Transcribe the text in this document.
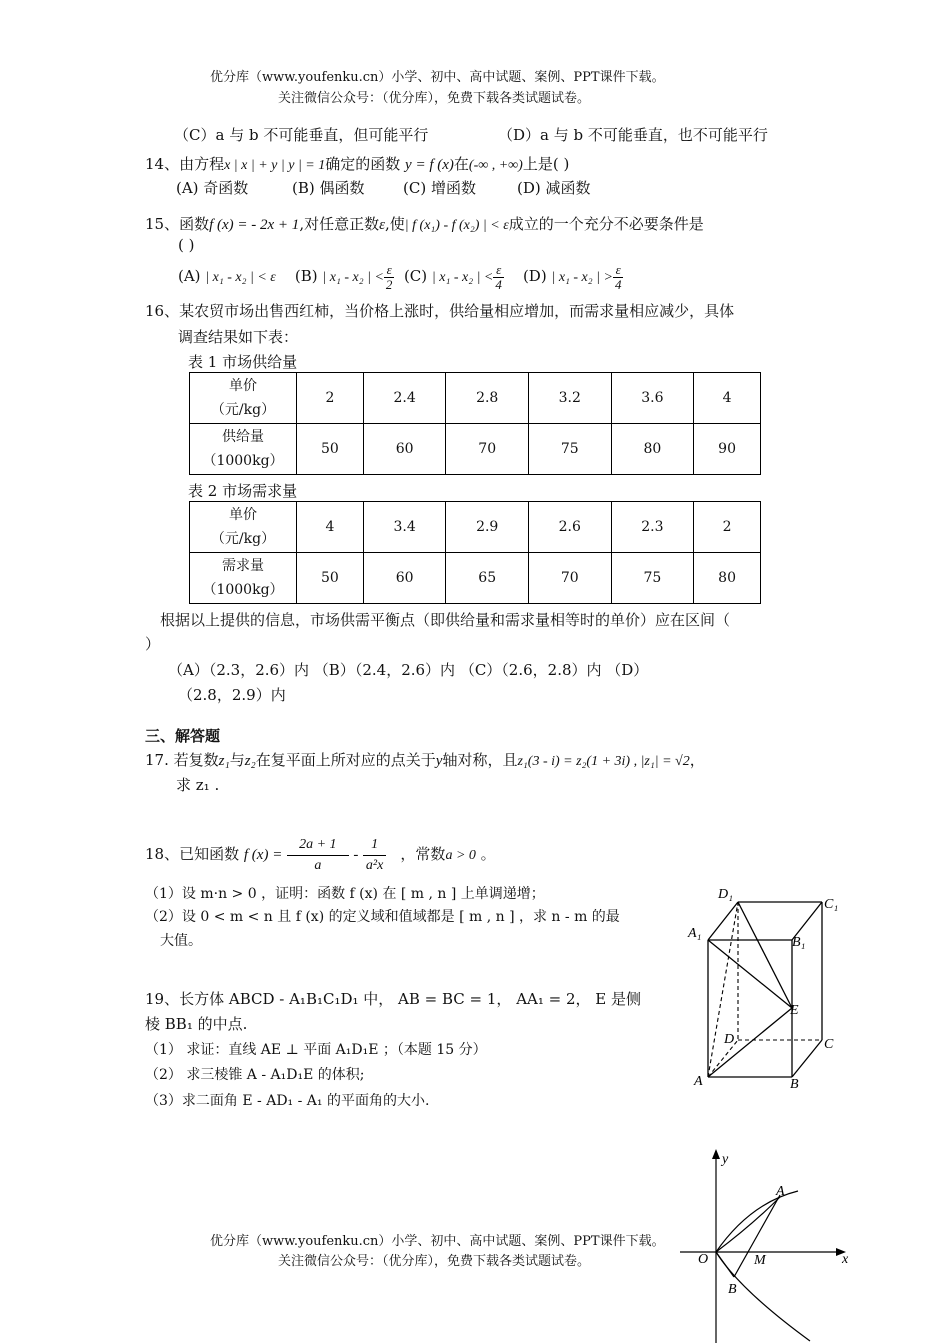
优分库（www.youfenku.cn）小学、初中、高中试题、案例、PPT课件下载。
关注微信公众号：（优分库），免费下载各类试题试卷。
（C）a 与 b 不可能垂直，但可能平行	（D）a 与 b 不可能垂直，也不可能平行
14、由方程x | x | + y | y | = 1确定的函数 y = f (x)在(-∞ , +∞)上是( )
(A) 奇函数	(B) 偶函数	(C) 增函数	(D) 减函数
15、函数f (x) = - 2x + 1,对任意正数ε,使| f (x₁) - f (x₂) | < ε成立的一个充分不必要条件是
( )
(A) | x₁ - x₂ | < ε (B) | x₁ - x₂ | < $\frac{\varepsilon}{2} (C)$ | x₁ - x₂ | < $\frac{\varepsilon}{4} (D)$ | x₁ - x₂ | > $\frac{\varepsilon}{4}$
16、某农贸市场出售西红柿，当价格上涨时，供给量相应增加，而需求量相应减少，具体
调查结果如下表：
表 1 市场供给量
单价
（元/kg）	2	2.4	2.8	3.2	3.6	4

供给量
（1000kg）	50	60	70	75	80	90
表 2 市场需求量
单价
（元/kg）	4	3.4	2.9	2.6	2.3	2

需求量
（1000kg）	50	60	65	70	75	80
根据以上提供的信息，市场供需平衡点（即供给量和需求量相等时的单价）应在区间（
）
（A）（2.3，2.6）内 （B）（2.4，2.6）内 （C）（2.6，2.8）内 （D）
（2.8，2.9）内
三、解答题
17. 若复数z₁与z₂在复平面上所对应的点关于y轴对称，且z₁(3 - i) = z₂(1 + 3i) , |z₁| = √2，
求 z₁ .
18、已知函数 f $(x) = \frac{2a + 1}{a} - \frac{1}{\text{a²x}}$ ，常数a > 0 。
（1）设 m·n > 0 ，证明：函数 f (x) 在 [ m , n ] 上单调递增；
（2）设 0 < m < n 且 f (x) 的定义域和值域都是 [ m , n ] ，求 n - m 的最
大值。
19、长方体 ABCD - A₁B₁C₁D₁ 中， AB = BC = 1， AA₁ = 2， E 是侧
棱 BB₁ 的中点.
（1） 求证：直线 AE ⊥ 平面 A₁D₁E ；（本题 15 分）
（2） 求三棱锥 A - A₁D₁E 的体积;
（3）求二面角 E - AD₁ - A₁ 的平面角的大小.
D₁
C₁
A₁
B₁
E
D	C
A	B
y
A
O	M	x
B
优分库（www.youfenku.cn）小学、初中、高中试题、案例、PPT课件下载。
关注微信公众号：（优分库），免费下载各类试题试卷。
